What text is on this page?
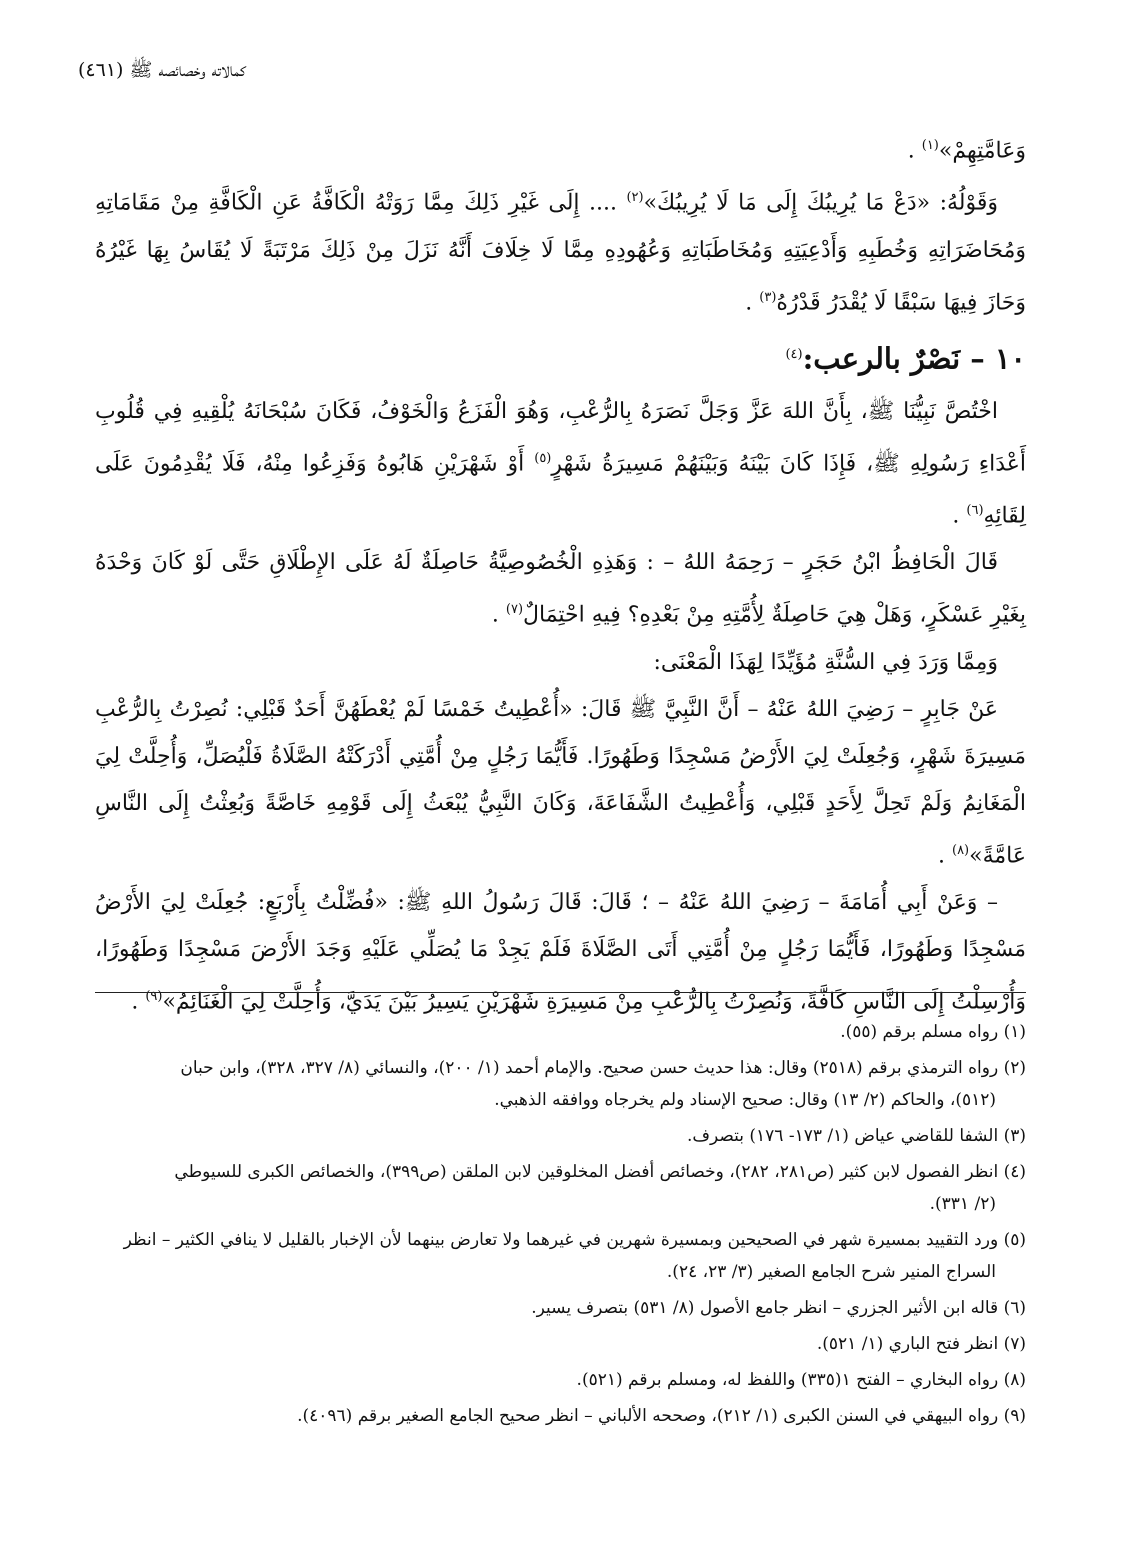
كمالاته وخصائصه ﷺ (٤٦١)

وَعَامَّتِهِمْ»$^{(١)}$ .

وَقَوْلُهُ: «دَعْ مَا يُرِيبُكَ إِلَى مَا لَا يُرِيبُكَ»$^{(٢)}$ .... إِلَى غَيْرِ ذَلِكَ مِمَّا رَوَتْهُ الْكَافَّةُ عَنِ الْكَافَّةِ مِنْ مَقَامَاتِهِ وَمُحَاضَرَاتِهِ وَخُطَبِهِ وَأَدْعِيَتِهِ وَمُخَاطَبَاتِهِ وَعُهُودِهِ مِمَّا لَا خِلَافَ أَنَّهُ نَزَلَ مِنْ ذَلِكَ مَرْتَبَةً لَا يُقَاسُ بِهَا غَيْرُهُ وَحَازَ فِيهَا سَبْقًا لَا يُقْدَرُ قَدْرُهُ$^{(٣)}$ .

١٠ – نَصْرٌ بالرعب:$^{(٤)}$

اخْتُصَّ نَبِيُّنَا ﷺ، بِأَنَّ اللهَ عَزَّ وَجَلَّ نَصَرَهُ بِالرُّعْبِ، وَهُوَ الْفَزَعُ وَالْخَوْفُ، فَكَانَ سُبْحَانَهُ يُلْقِيهِ فِي قُلُوبِ أَعْدَاءِ رَسُولِهِ ﷺ، فَإِذَا كَانَ بَيْنَهُ وَبَيْنَهُمْ مَسِيرَةُ شَهْرٍ$^{(٥)}$ أَوْ شَهْرَيْنِ هَابُوهُ وَفَزِعُوا مِنْهُ، فَلَا يُقْدِمُونَ عَلَى لِقَائِهِ$^{(٦)}$ .

قَالَ الْحَافِظُ ابْنُ حَجَرٍ – رَحِمَهُ اللهُ – : وَهَذِهِ الْخُصُوصِيَّةُ حَاصِلَةٌ لَهُ عَلَى الإِطْلَاقِ حَتَّى لَوْ كَانَ وَحْدَهُ بِغَيْرِ عَسْكَرٍ، وَهَلْ هِيَ حَاصِلَةٌ لِأُمَّتِهِ مِنْ بَعْدِهِ؟ فِيهِ احْتِمَالٌ$^{(٧)}$ .

وَمِمَّا وَرَدَ فِي السُّنَّةِ مُؤَيِّدًا لِهَذَا الْمَعْنَى:

عَنْ جَابِرٍ – رَضِيَ اللهُ عَنْهُ – أَنَّ النَّبِيَّ ﷺ قَالَ: «أُعْطِيتُ خَمْسًا لَمْ يُعْطَهُنَّ أَحَدٌ قَبْلِي: نُصِرْتُ بِالرُّعْبِ مَسِيرَةَ شَهْرٍ، وَجُعِلَتْ لِيَ الأَرْضُ مَسْجِدًا وَطَهُورًا. فَأَيُّمَا رَجُلٍ مِنْ أُمَّتِي أَدْرَكَتْهُ الصَّلَاةُ فَلْيُصَلِّ، وَأُحِلَّتْ لِيَ الْمَغَانِمُ وَلَمْ تَحِلَّ لِأَحَدٍ قَبْلِي، وَأُعْطِيتُ الشَّفَاعَةَ، وَكَانَ النَّبِيُّ يُبْعَثُ إِلَى قَوْمِهِ خَاصَّةً وَبُعِثْتُ إِلَى النَّاسِ عَامَّةً»$^{(٨)}$ .

– وَعَنْ أَبِي أُمَامَةَ – رَضِيَ اللهُ عَنْهُ – ؛ قَالَ: قَالَ رَسُولُ اللهِ ﷺ: «فُضِّلْتُ بِأَرْبَعٍ: جُعِلَتْ لِيَ الأَرْضُ مَسْجِدًا وَطَهُورًا، فَأَيُّمَا رَجُلٍ مِنْ أُمَّتِي أَتَى الصَّلَاةَ فَلَمْ يَجِدْ مَا يُصَلِّي عَلَيْهِ وَجَدَ الأَرْضَ مَسْجِدًا وَطَهُورًا، وَأُرْسِلْتُ إِلَى النَّاسِ كَافَّةً، وَنُصِرْتُ بِالرُّعْبِ مِنْ مَسِيرَةِ شَهْرَيْنِ يَسِيرُ بَيْنَ يَدَيَّ، وَأُحِلَّتْ لِيَ الْغَنَائِمُ»$^{(٩)}$ .

(١) رواه مسلم برقم (٥٥).

(٢) رواه الترمذي برقم (٢٥١٨) وقال: هذا حديث حسن صحيح. والإمام أحمد (١/ ٢٠٠)، والنسائي (٨/ ٣٢٧، ٣٢٨)، وابن حبان
(٥١٢)، والحاكم (٢/ ١٣) وقال: صحيح الإسناد ولم يخرجاه ووافقه الذهبي.

(٣) الشفا للقاضي عياض (١/ ١٧٣- ١٧٦) بتصرف.

(٤) انظر الفصول لابن كثير (ص٢٨١، ٢٨٢)، وخصائص أفضل المخلوقين لابن الملقن (ص٣٩٩)، والخصائص الكبرى للسيوطي
(٢/ ٣٣١).

(٥) ورد التقييد بمسيرة شهر في الصحيحين وبمسيرة شهرين في غيرهما ولا تعارض بينهما لأن الإخبار بالقليل لا ينافي الكثير – انظر
السراج المنير شرح الجامع الصغير (٣/ ٢٣، ٢٤).

(٦) قاله ابن الأثير الجزري – انظر جامع الأصول (٨/ ٥٣١) بتصرف يسير.

(٧) انظر فتح الباري (١/ ٥٢١).

(٨) رواه البخاري – الفتح ١(٣٣٥) واللفظ له، ومسلم برقم (٥٢١).

(٩) رواه البيهقي في السنن الكبرى (١/ ٢١٢)، وصححه الألباني – انظر صحيح الجامع الصغير برقم (٤٠٩٦).
